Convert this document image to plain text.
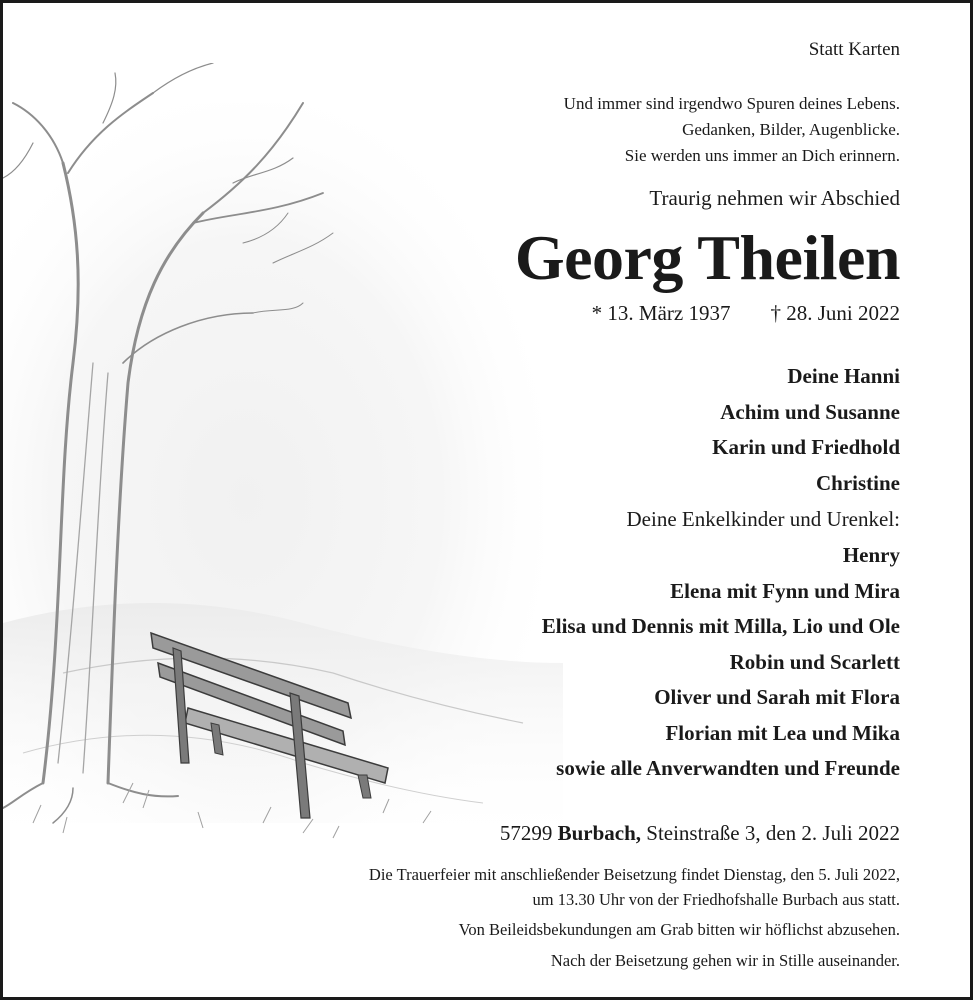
Statt Karten
Und immer sind irgendwo Spuren deines Lebens.
Gedanken, Bilder, Augenblicke.
Sie werden uns immer an Dich erinnern.
Traurig nehmen wir Abschied
Georg Theilen
* 13. März 1937 † 28. Juni 2022
Deine Hanni
Achim und Susanne
Karin und Friedhold
Christine
Deine Enkelkinder und Urenkel:
Henry
Elena mit Fynn und Mira
Elisa und Dennis mit Milla, Lio und Ole
Robin und Scarlett
Oliver und Sarah mit Flora
Florian mit Lea und Mika
sowie alle Anverwandten und Freunde
57299 Burbach, Steinstraße 3, den 2. Juli 2022
Die Trauerfeier mit anschließender Beisetzung findet Dienstag, den 5. Juli 2022,
um 13.30 Uhr von der Friedhofshalle Burbach aus statt.
Von Beileidsbekundungen am Grab bitten wir höflichst abzusehen.
Nach der Beisetzung gehen wir in Stille auseinander.
